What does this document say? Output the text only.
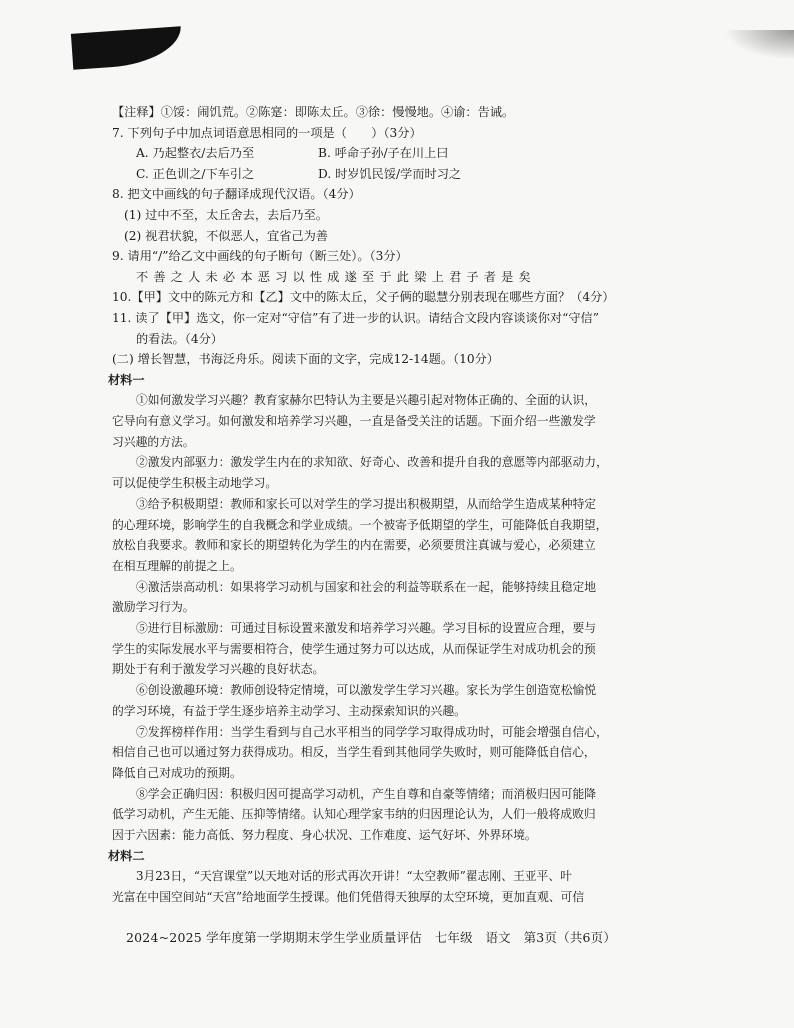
【注释】①馁：闹饥荒。②陈寔：即陈太丘。③徐：慢慢地。④谕：告诫。
7. 下列句子中加点词语意思相同的一项是（　　）（3分）
A. 乃起整衣/去后乃至	B. 呼命子孙/子在川上曰
C. 正色训之/下车引之	D. 时岁饥民馁/学而时习之
8. 把文中画线的句子翻译成现代汉语。（4分）
(1) 过中不至，太丘舍去，去后乃至。
(2) 视君状貌，不似恶人，宜省己为善
9. 请用“/”给乙文中画线的句子断句（断三处）。（3分）
不善之人未必本恶习以性成遂至于此梁上君子者是矣
10.【甲】文中的陈元方和【乙】文中的陈太丘，父子俩的聪慧分别表现在哪些方面？（4分）
11. 读了【甲】选文，你一定对“守信”有了进一步的认识。请结合文段内容谈谈你对“守信”
的看法。（4分）
(二) 增长智慧，书海泛舟乐。阅读下面的文字，完成12-14题。（10分）
材料一
①如何激发学习兴趣？教育家赫尔巴特认为主要是兴趣引起对物体正确的、全面的认识，
它导向有意义学习。如何激发和培养学习兴趣，一直是备受关注的话题。下面介绍一些激发学
习兴趣的方法。
②激发内部驱力：激发学生内在的求知欲、好奇心、改善和提升自我的意愿等内部驱动力，
可以促使学生积极主动地学习。
③给予积极期望：教师和家长可以对学生的学习提出积极期望，从而给学生造成某种特定
的心理环境，影响学生的自我概念和学业成绩。一个被寄予低期望的学生，可能降低自我期望，
放松自我要求。教师和家长的期望转化为学生的内在需要，必须要贯注真诚与爱心，必须建立
在相互理解的前提之上。
④激活崇高动机：如果将学习动机与国家和社会的利益等联系在一起，能够持续且稳定地
激励学习行为。
⑤进行目标激励：可通过目标设置来激发和培养学习兴趣。学习目标的设置应合理，要与
学生的实际发展水平与需要相符合，使学生通过努力可以达成，从而保证学生对成功机会的预
期处于有利于激发学习兴趣的良好状态。
⑥创设激趣环境：教师创设特定情境，可以激发学生学习兴趣。家长为学生创造宽松愉悦
的学习环境，有益于学生逐步培养主动学习、主动探索知识的兴趣。
⑦发挥榜样作用：当学生看到与自己水平相当的同学学习取得成功时，可能会增强自信心，
相信自己也可以通过努力获得成功。相反，当学生看到其他同学失败时，则可能降低自信心，
降低自己对成功的预期。
⑧学会正确归因：积极归因可提高学习动机，产生自尊和自豪等情绪；而消极归因可能降
低学习动机，产生无能、压抑等情绪。认知心理学家韦纳的归因理论认为，人们一般将成败归
因于六因素：能力高低、努力程度、身心状况、工作难度、运气好坏、外界环境。
材料二
3月23日，“天宫课堂”以天地对话的形式再次开讲！“太空教师”翟志刚、王亚平、叶
光富在中国空间站“天宫”给地面学生授课。他们凭借得天独厚的太空环境，更加直观、可信
2024~2025 学年度第一学期期末学生学业质量评估　七年级　语文　第3页（共6页）
